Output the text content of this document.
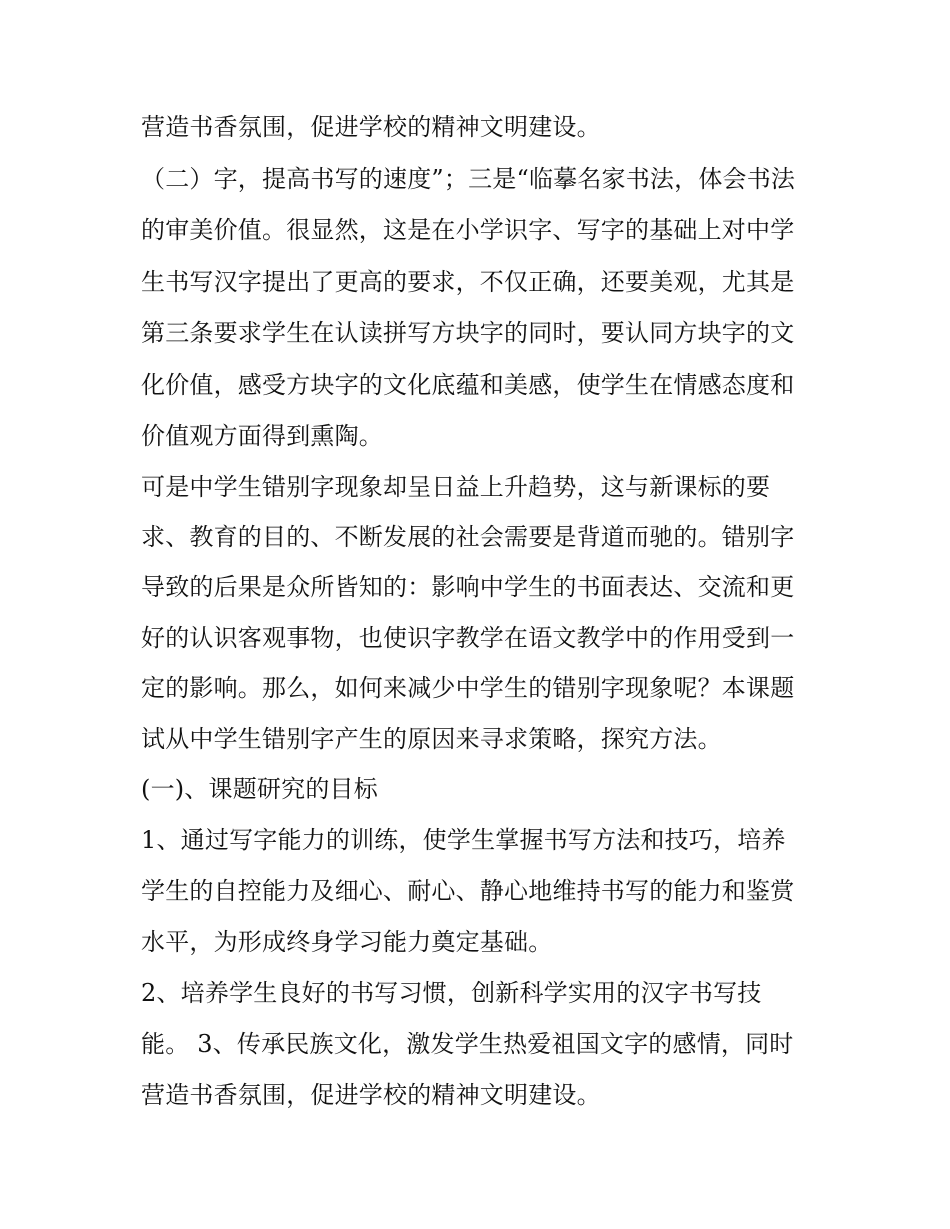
营造书香氛围，促进学校的精神文明建设。
（二）字，提高书写的速度”；三是“临摹名家书法，体会书法
的审美价值。很显然，这是在小学识字、写字的基础上对中学
生书写汉字提出了更高的要求，不仅正确，还要美观，尤其是
第三条要求学生在认读拼写方块字的同时，要认同方块字的文
化价值，感受方块字的文化底蕴和美感，使学生在情感态度和
价值观方面得到熏陶。
可是中学生错别字现象却呈日益上升趋势，这与新课标的要
求、教育的目的、不断发展的社会需要是背道而驰的。错别字
导致的后果是众所皆知的：影响中学生的书面表达、交流和更
好的认识客观事物，也使识字教学在语文教学中的作用受到一
定的影响。那么，如何来减少中学生的错别字现象呢？本课题
试从中学生错别字产生的原因来寻求策略，探究方法。
(一)、课题研究的目标
1、通过写字能力的训练，使学生掌握书写方法和技巧，培养
学生的自控能力及细心、耐心、静心地维持书写的能力和鉴赏
水平，为形成终身学习能力奠定基础。
2、培养学生良好的书写习惯，创新科学实用的汉字书写技
能。 3、传承民族文化，激发学生热爱祖国文字的感情，同时
营造书香氛围，促进学校的精神文明建设。
